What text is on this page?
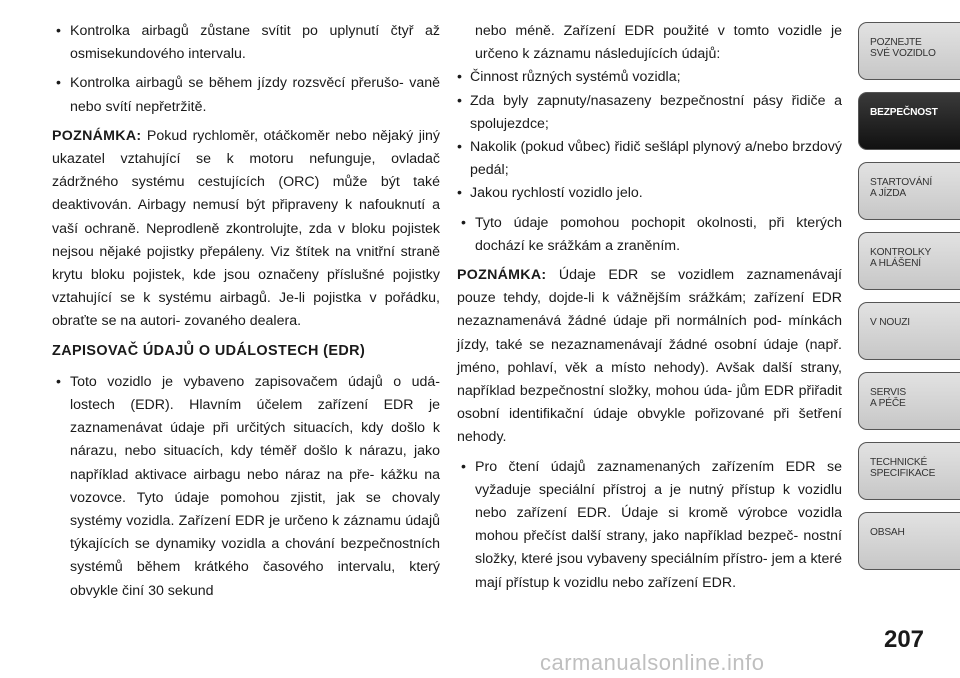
• Kontrolka airbagů zůstane svítit po uplynutí čtyř až osmisekundového intervalu.
• Kontrolka airbagů se během jízdy rozsvěcí přerušo- vaně nebo svítí nepřetržitě.

POZNÁMKA: Pokud rychloměr, otáčkoměr nebo nějaký jiný ukazatel vztahující se k motoru nefunguje, ovladač zádržného systému cestujících (ORC) může být také deaktivován. Airbagy nemusí být připraveny k nafouknutí a vaší ochraně. Neprodleně zkontrolujte, zda v bloku pojistek nejsou nějaké pojistky přepáleny. Viz štítek na vnitřní straně krytu bloku pojistek, kde jsou označeny příslušné pojistky vztahující se k systému airbagů. Je-li pojistka v pořádku, obraťte se na autori- zovaného dealera.

ZAPISOVAČ ÚDAJŮ O UDÁLOSTECH (EDR)
• Toto vozidlo je vybaveno zapisovačem údajů o udá- lostech (EDR). Hlavním účelem zařízení EDR je zaznamenávat údaje při určitých situacích, kdy došlo k nárazu, nebo situacích, kdy téměř došlo k nárazu, jako například aktivace airbagu nebo náraz na pře- kážku na vozovce. Tyto údaje pomohou zjistit, jak se chovaly systémy vozidla. Zařízení EDR je určeno k záznamu údajů týkajících se dynamiky vozidla a chování bezpečnostních systémů během krátkého časového intervalu, který obvykle činí 30 sekund

nebo méně. Zařízení EDR použité v tomto vozidle je určeno k záznamu následujících údajů:

• Činnost různých systémů vozidla;
• Zda byly zapnuty/nasazeny bezpečnostní pásy řidiče a spolujezdce;
• Nakolik (pokud vůbec) řidič sešlápl plynový a/nebo brzdový pedál;
• Jakou rychlostí vozidlo jelo.
• Tyto údaje pomohou pochopit okolnosti, při kterých dochází ke srážkám a zraněním.

POZNÁMKA: Údaje EDR se vozidlem zaznamenávají pouze tehdy, dojde-li k vážnějším srážkám; zařízení EDR nezaznamenává žádné údaje při normálních pod- mínkách jízdy, také se nezaznamenávají žádné osobní údaje (např. jméno, pohlaví, věk a místo nehody). Avšak další strany, například bezpečnostní složky, mohou úda- jům EDR přiřadit osobní identifikační údaje obvykle pořizované při šetření nehody.

• Pro čtení údajů zaznamenaných zařízením EDR se vyžaduje speciální přístroj a je nutný přístup k vozidlu nebo zařízení EDR. Údaje si kromě výrobce vozidla mohou přečíst další strany, jako například bezpeč- nostní složky, které jsou vybaveny speciálním přístro- jem a které mají přístup k vozidlu nebo zařízení EDR.
POZNEJTE
SVÉ VOZIDLO
BEZPEČNOST
STARTOVÁNÍ
A JÍZDA
KONTROLKY
A HLÁŠENÍ
V NOUZI
SERVIS
A PÉČE
TECHNICKÉ
SPECIFIKACE
OBSAH
207
carmanualsonline.info
